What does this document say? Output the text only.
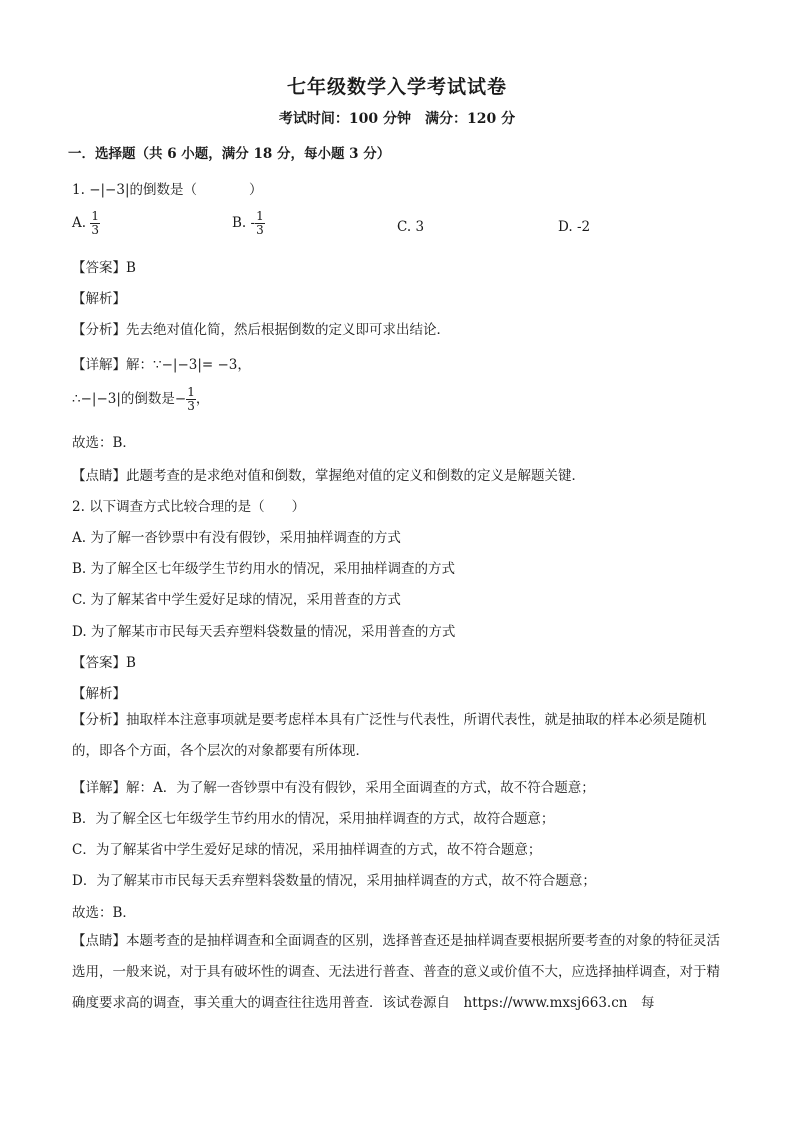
七年级数学入学考试试卷
考试时间：100 分钟　满分：120 分
一．选择题（共 6 小题，满分 18 分，每小题 3 分）
1. −|−3|的倒数是（	）
A. $\frac{1}{3}$	B. - $\frac{1}{3}$	C. 3	D. -2
【答案】B
【解析】
【分析】先去绝对值化简，然后根据倒数的定义即可求出结论．
【详解】解：∵−|−3|= −3，
∴−|−3|的倒数是− $\frac{1}{3}$ ，
故选：B．
【点睛】此题考查的是求绝对值和倒数，掌握绝对值的定义和倒数的定义是解题关键．
2. 以下调查方式比较合理的是（　　）
A. 为了解一沓钞票中有没有假钞，采用抽样调查的方式
B. 为了解全区七年级学生节约用水的情况，采用抽样调查的方式
C. 为了解某省中学生爱好足球的情况，采用普查的方式
D. 为了解某市市民每天丢弃塑料袋数量的情况，采用普查的方式
【答案】B
【解析】
【分析】抽取样本注意事项就是要考虑样本具有广泛性与代表性，所谓代表性，就是抽取的样本必须是随机的，即各个方面，各个层次的对象都要有所体现．
【详解】解：A．为了解一沓钞票中有没有假钞，采用全面调查的方式，故不符合题意；
B．为了解全区七年级学生节约用水的情况，采用抽样调查的方式，故符合题意；
C．为了解某省中学生爱好足球的情况，采用抽样调查的方式，故不符合题意；
D．为了解某市市民每天丢弃塑料袋数量的情况，采用抽样调查的方式，故不符合题意；
故选：B．
【点睛】本题考查的是抽样调查和全面调查的区别，选择普查还是抽样调查要根据所要考查的对象的特征灵活选用，一般来说，对于具有破坏性的调查、无法进行普查、普查的意义或价值不大，应选择抽样调查，对于精确度要求高的调查，事关重大的调查往往选用普查．该试卷源自　https://www.mxsj663.cn　每
